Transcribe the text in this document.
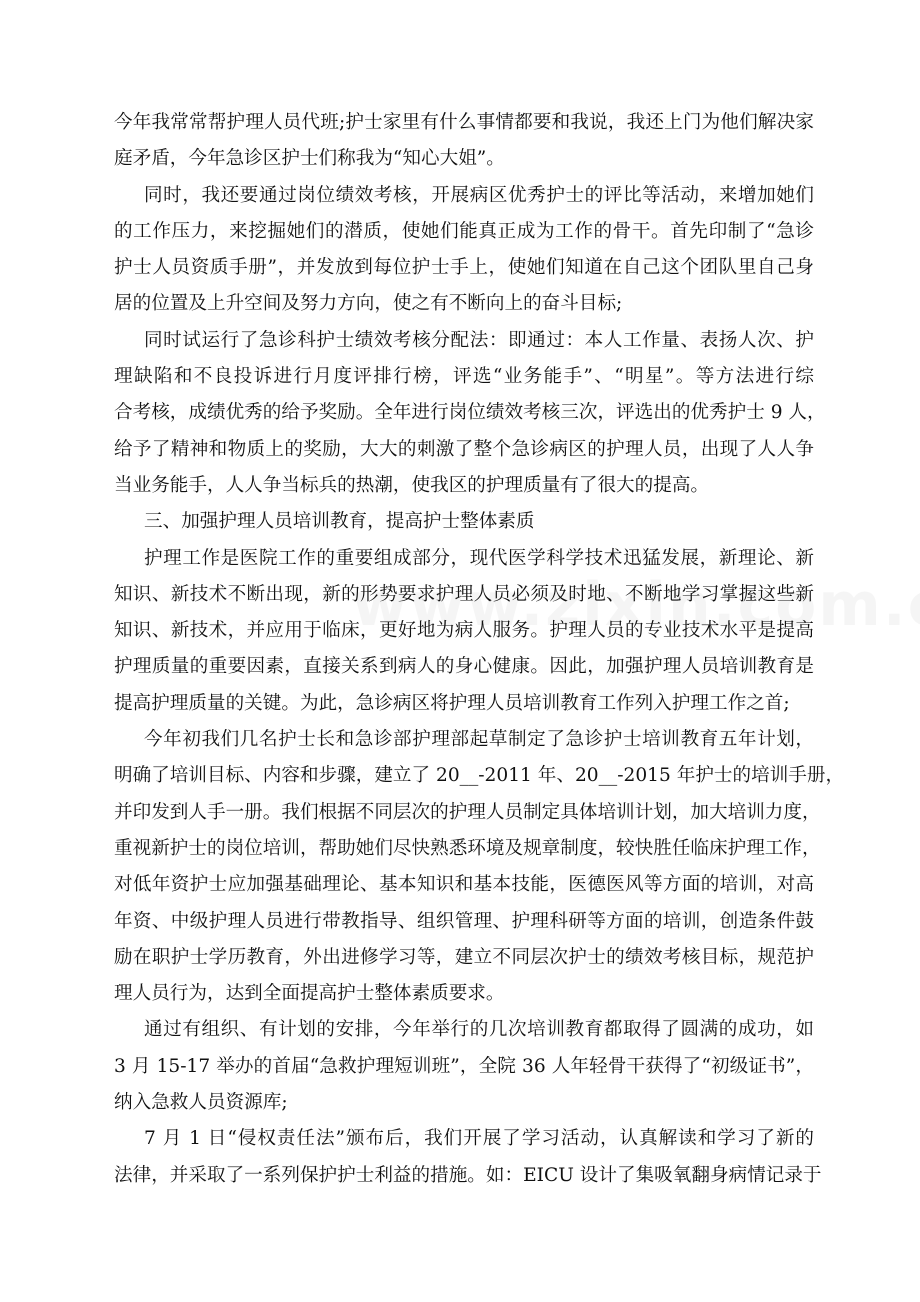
今年我常常帮护理人员代班;护士家里有什么事情都要和我说，我还上门为他们解决家
庭矛盾，今年急诊区护士们称我为“知心大姐”。

同时，我还要通过岗位绩效考核，开展病区优秀护士的评比等活动，来增加她们
的工作压力，来挖掘她们的潜质，使她们能真正成为工作的骨干。首先印制了“急诊
护士人员资质手册”，并发放到每位护士手上，使她们知道在自己这个团队里自己身
居的位置及上升空间及努力方向，使之有不断向上的奋斗目标;

同时试运行了急诊科护士绩效考核分配法：即通过：本人工作量、表扬人次、护
理缺陷和不良投诉进行月度评排行榜，评选“业务能手”、“明星”。等方法进行综
合考核，成绩优秀的给予奖励。全年进行岗位绩效考核三次，评选出的优秀护士 9 人，
给予了精神和物质上的奖励，大大的刺激了整个急诊病区的护理人员，出现了人人争
当业务能手，人人争当标兵的热潮，使我区的护理质量有了很大的提高。

三、加强护理人员培训教育，提高护士整体素质

护理工作是医院工作的重要组成部分，现代医学科学技术迅猛发展，新理论、新
知识、新技术不断出现，新的形势要求护理人员必须及时地、不断地学习掌握这些新
知识、新技术，并应用于临床，更好地为病人服务。护理人员的专业技术水平是提高
护理质量的重要因素，直接关系到病人的身心健康。因此，加强护理人员培训教育是
提高护理质量的关键。为此，急诊病区将护理人员培训教育工作列入护理工作之首;

今年初我们几名护士长和急诊部护理部起草制定了急诊护士培训教育五年计划，
明确了培训目标、内容和步骤，建立了 20__-2011 年、20__-2015 年护士的培训手册，
并印发到人手一册。我们根据不同层次的护理人员制定具体培训计划，加大培训力度，
重视新护士的岗位培训，帮助她们尽快熟悉环境及规章制度，较快胜任临床护理工作，
对低年资护士应加强基础理论、基本知识和基本技能，医德医风等方面的培训，对高
年资、中级护理人员进行带教指导、组织管理、护理科研等方面的培训，创造条件鼓
励在职护士学历教育，外出进修学习等，建立不同层次护士的绩效考核目标，规范护
理人员行为，达到全面提高护士整体素质要求。

通过有组织、有计划的安排，今年举行的几次培训教育都取得了圆满的成功，如
3 月 15-17 举办的首届“急救护理短训班”，全院 36 人年轻骨干获得了“初级证书”，
纳入急救人员资源库;

7 月 1 日“侵权责任法”颁布后，我们开展了学习活动，认真解读和学习了新的
法律，并采取了一系列保护护士利益的措施。如：EICU 设计了集吸氧翻身病情记录于
